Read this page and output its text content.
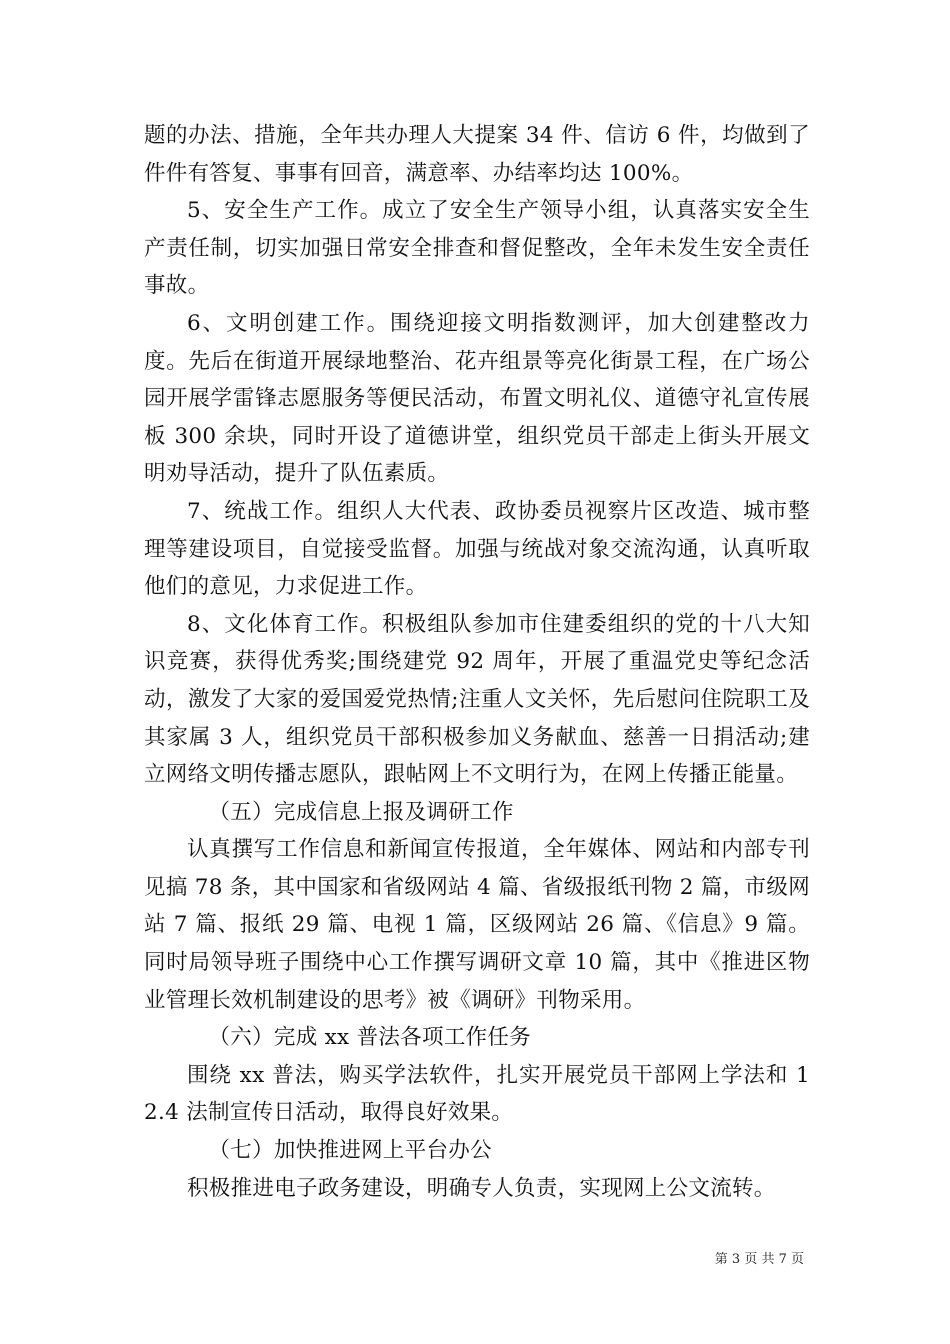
题的办法、措施，全年共办理人大提案 34 件、信访 6 件，均做到了件件有答复、事事有回音，满意率、办结率均达 100%。

5、安全生产工作。成立了安全生产领导小组，认真落实安全生产责任制，切实加强日常安全排查和督促整改，全年未发生安全责任事故。

6、文明创建工作。围绕迎接文明指数测评，加大创建整改力度。先后在街道开展绿地整治、花卉组景等亮化街景工程，在广场公园开展学雷锋志愿服务等便民活动，布置文明礼仪、道德守礼宣传展板 300 余块，同时开设了道德讲堂，组织党员干部走上街头开展文明劝导活动，提升了队伍素质。

7、统战工作。组织人大代表、政协委员视察片区改造、城市整理等建设项目，自觉接受监督。加强与统战对象交流沟通，认真听取他们的意见，力求促进工作。

8、文化体育工作。积极组队参加市住建委组织的党的十八大知识竞赛，获得优秀奖;围绕建党 92 周年，开展了重温党史等纪念活动，激发了大家的爱国爱党热情;注重人文关怀，先后慰问住院职工及其家属 3 人，组织党员干部积极参加义务献血、慈善一日捐活动;建立网络文明传播志愿队，跟帖网上不文明行为，在网上传播正能量。

（五）完成信息上报及调研工作

认真撰写工作信息和新闻宣传报道，全年媒体、网站和内部专刊见搞 78 条，其中国家和省级网站 4 篇、省级报纸刊物 2 篇，市级网站 7 篇、报纸 29 篇、电视 1 篇，区级网站 26 篇、《信息》9 篇。同时局领导班子围绕中心工作撰写调研文章 10 篇，其中《推进区物业管理长效机制建设的思考》被《调研》刊物采用。

（六）完成 xx 普法各项工作任务

围绕 xx 普法，购买学法软件，扎实开展党员干部网上学法和 12.4 法制宣传日活动，取得良好效果。

（七）加快推进网上平台办公

积极推进电子政务建设，明确专人负责，实现网上公文流转。

第 3 页 共 7 页
